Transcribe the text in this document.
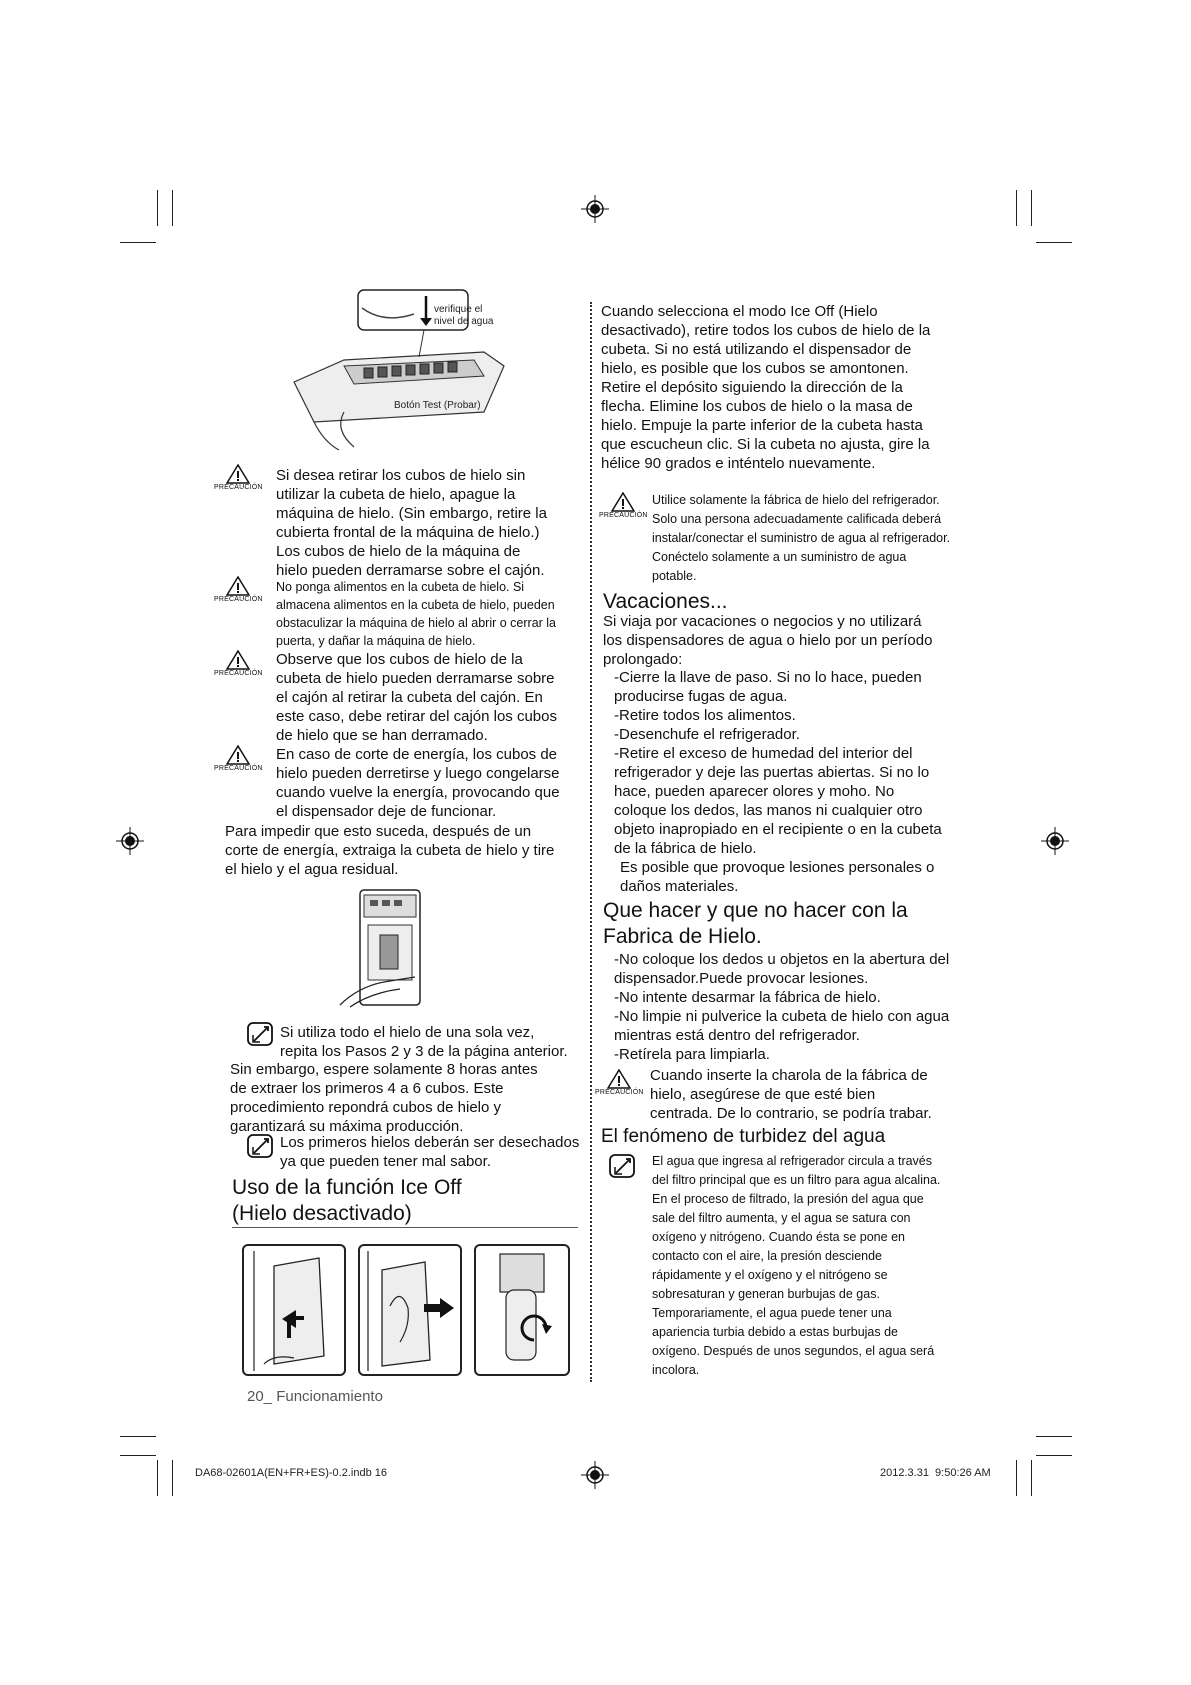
verifique el nivel de agua
Botón Test (Probar)
PRECAUCIÓN
Si desea retirar los cubos de hielo sin utilizar la cubeta de hielo, apague la máquina de hielo. (Sin embargo, retire la cubierta frontal de la máquina de hielo.) Los cubos de hielo de la máquina de hielo pueden derramarse sobre el cajón.
PRECAUCIÓN
No ponga alimentos en la cubeta de hielo. Si almacena alimentos en la cubeta de hielo, pueden obstaculizar la máquina de hielo al abrir o cerrar la puerta, y dañar la máquina de hielo.
PRECAUCIÓN
Observe que los cubos de hielo de la cubeta de hielo pueden derramarse sobre el cajón al retirar la cubeta del cajón. En este caso, debe retirar del cajón los cubos de hielo que se han derramado.
PRECAUCIÓN
En caso de corte de energía, los cubos de hielo pueden derretirse y luego congelarse cuando vuelve la energía, provocando que el dispensador deje de funcionar.
Para impedir que esto suceda, después de un corte de energía, extraiga la cubeta de hielo y tire el hielo y el agua residual.
Si utiliza todo el hielo de una sola vez, repita los Pasos 2 y 3 de la página anterior.
Sin embargo, espere solamente 8 horas antes de extraer los primeros 4 a 6 cubos. Este procedimiento repondrá cubos de hielo y garantizará su máxima producción.
Los primeros hielos deberán ser desechados ya que pueden tener mal sabor.
Uso de la función Ice Off (Hielo desactivado)
Cuando selecciona el modo Ice Off (Hielo desactivado), retire todos los cubos de hielo de la cubeta. Si no está utilizando el dispensador de hielo, es posible que los cubos se amontonen. Retire el depósito siguiendo la dirección de la flecha. Elimine los cubos de hielo o la masa de hielo. Empuje la parte inferior de la cubeta hasta que escucheun clic. Si la cubeta no ajusta, gire la hélice 90 grados e inténtelo nuevamente.
PRECAUCIÓN
Utilice solamente la fábrica de hielo del refrigerador. Solo una persona adecuadamente calificada deberá instalar/conectar el suministro de agua al refrigerador. Conéctelo solamente a un suministro de agua potable.
Vacaciones...
Si viaja por vacaciones o negocios y no utilizará los dispensadores de agua o hielo por un período prolongado:
-Cierre la llave de paso. Si no lo hace, pueden producirse fugas de agua.
-Retire todos los alimentos.
-Desenchufe el refrigerador.
-Retire el exceso de humedad del interior del refrigerador y deje las puertas abiertas. Si no lo hace, pueden aparecer olores y moho. No coloque los dedos, las manos ni cualquier otro objeto inapropiado en el recipiente o en la cubeta de la fábrica de hielo.
Es posible que provoque lesiones personales o daños materiales.
Que hacer y que no hacer con la Fabrica de Hielo.
-No coloque los dedos u objetos en la abertura del dispensador.Puede provocar lesiones.
-No intente desarmar la fábrica de hielo.
-No limpie ni pulverice la cubeta de hielo con agua mientras está dentro del refrigerador.
-Retírela para limpiarla.
PRECAUCIÓN
Cuando inserte la charola de la fábrica de hielo, asegúrese de que esté bien centrada. De lo contrario, se podría trabar.
El fenómeno de turbidez del agua
El agua que ingresa al refrigerador circula a través del filtro principal que es un filtro para agua alcalina. En el proceso de filtrado, la presión del agua que sale del filtro aumenta, y el agua se satura con oxígeno y nitrógeno. Cuando ésta se pone en contacto con el aire, la presión desciende rápidamente y el oxígeno y el nitrógeno se sobresaturan y generan burbujas de gas. Temporariamente, el agua puede tener una apariencia turbia debido a estas burbujas de oxígeno. Después de unos segundos, el agua será incolora.
20_ Funcionamiento
DA68-02601A(EN+FR+ES)-0.2.indb 16	2012.3.31  9:50:26 AM
